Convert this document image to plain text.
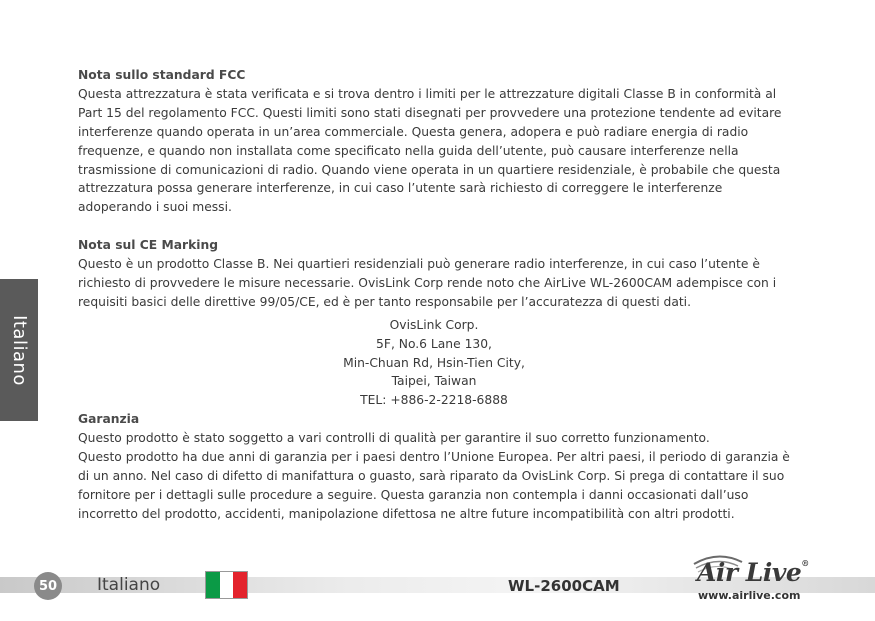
Nota sullo standard FCC

Questa attrezzatura è stata verificata e si trova dentro i limiti per le attrezzature digitali Classe B in conformità al Part 15 del regolamento FCC. Questi limiti sono stati disegnati per provvedere una protezione tendente ad evitare interferenze quando operata in un’area commerciale. Questa genera, adopera e può radiare energia di radio frequenze, e quando non installata come specificato nella guida dell’utente, può causare interferenze nella trasmissione di comunicazioni di radio. Quando viene operata in un quartiere residenziale, è probabile che questa attrezzatura possa generare interferenze, in cui caso l’utente sarà richiesto di correggere le interferenze adoperando i suoi messi.

Nota sul CE Marking

Questo è un prodotto Classe B. Nei quartieri residenziali può generare radio interferenze, in cui caso l’utente è richiesto di provvedere le misure necessarie. OvisLink Corp rende noto che AirLive WL-2600CAM adempisce con i requisiti basici delle direttive 99/05/CE, ed è per tanto responsabile per l’accuratezza di questi dati.

OvisLink Corp.

5F, No.6 Lane 130,

Min-Chuan Rd, Hsin-Tien City,

Taipei, Taiwan

TEL: +886-2-2218-6888

Garanzia

Questo prodotto è stato soggetto a vari controlli di qualità per garantire il suo corretto funzionamento.

Questo prodotto ha due anni di garanzia per i paesi dentro l’Unione Europea. Per altri paesi, il periodo di garanzia è di un anno. Nel caso di difetto di manifattura o guasto, sarà riparato da OvisLink Corp. Si prega di contattare il suo fornitore per i dettagli sulle procedure a seguire. Questa garanzia non contempla i danni occasionati dall’uso incorretto del prodotto, accidenti, manipolazione difettosa ne altre future incompatibilità con altri prodotti.

Italiano
50 Italiano	WL-2600CAM	Air Live®
www.airlive.com
